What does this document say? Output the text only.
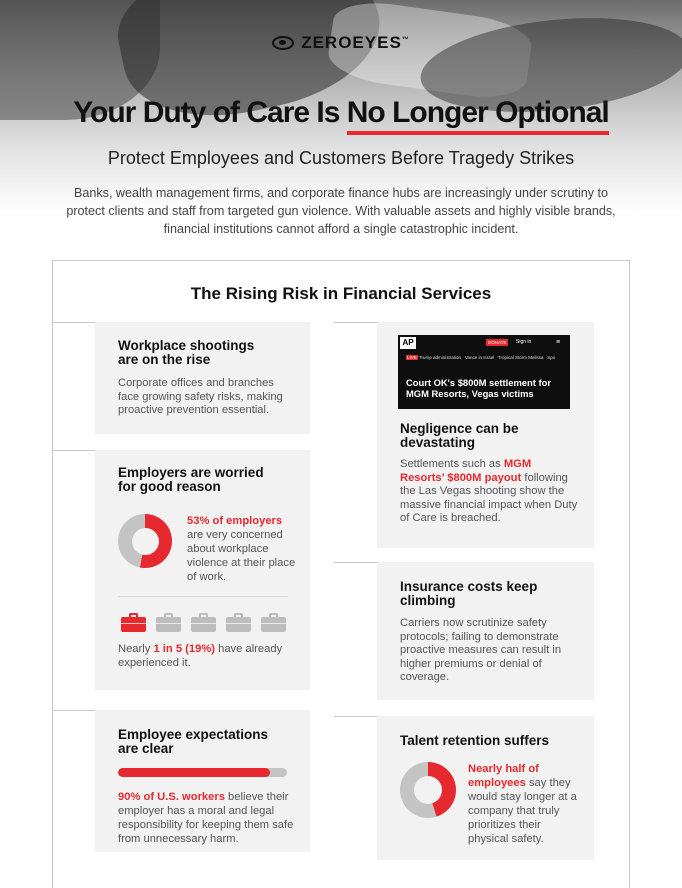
ZEROEYES™
Your Duty of Care Is No Longer Optional
Protect Employees and Customers Before Tragedy Strikes

Banks, wealth management firms, and corporate finance hubs are increasingly under scrutiny to protect clients and staff from targeted gun violence. With valuable assets and highly visible brands, financial institutions cannot afford a single catastrophic incident.

The Rising Risk in Financial Services
Workplace shootings are on the rise

Corporate offices and branches face growing safety risks, making proactive prevention essential.

Employers are worried for good reason

53% of employers are very concerned about workplace violence at their place of work.

Nearly 1 in 5 (19%) have already experienced it.

Employee expectations are clear

90% of U.S. workers believe their employer has a moral and legal responsibility for keeping them safe from unnecessary harm.

Negligence can be devastating

Settlements such as MGM Resorts’ $800M payout following the Las Vegas shooting show the massive financial impact when Duty of Care is breached.

AP	DONATE	Sign in	≡
LIVE Trump administration Vance in Israel Tropical Storm Melissa Spo
Court OK's $800M settlement for MGM Resorts, Vegas victims
Insurance costs keep climbing

Carriers now scrutinize safety protocols; failing to demonstrate proactive measures can result in higher premiums or denial of coverage.

Talent retention suffers

Nearly half of employees say they would stay longer at a company that truly prioritizes their physical safety.
